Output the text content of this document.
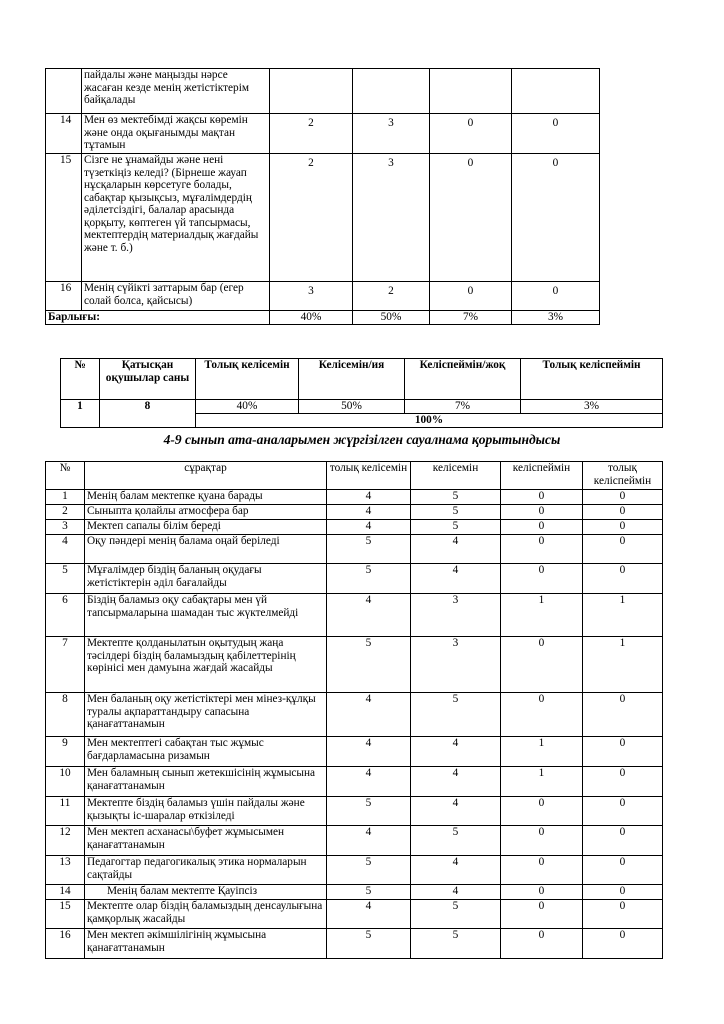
	пайдалы және маңызды нәрсе жасаған кезде менің жетістіктерім байқалады				
14	Мен өз мектебімді жақсы көремін және онда оқығанымды мақтан тұтамын	2	3	0	0
15	Сізге не ұнамайды және нені түзеткіңіз келеді? (Бірнеше жауап нұсқаларын көрсетуге болады, сабақтар қызықсыз, мұғалімдердің әділетсіздігі, балалар арасында қорқыту, көптеген үй тапсырмасы, мектептердің материалдық жағдайы және т. б.)	2	3	0	0
16	Менің сүйікті заттарым бар (егер солай болса, қайсысы)	3	2	0	0
Барлығы:		40%	50%	7%	3%
№	Қатысқан оқушылар саны	Толық келісемін	Келісемін/ия	Келіспеймін/жоқ	Толық келіспеймін
1	8	40%	50%	7%	3%
		100%			
4-9 сынып ата-аналарымен жүргізілген сауалнама қорытындысы
№	сұрақтар	толық келісемін	келісемін	келіспеймін	толық келіспеймін
1	Менің балам мектепке қуана барады	4	5	0	0
2	Сыныпта қолайлы атмосфера бар	4	5	0	0
3	Мектеп сапалы білім береді	4	5	0	0
4	Оқу пәндері менің балама оңай беріледі	5	4	0	0
5	Мұғалімдер біздің баланың оқудағы жетістіктерін әділ бағалайды	5	4	0	0
6	Біздің баламыз оқу сабақтары мен үй тапсырмаларына шамадан тыс жүктелмейді	4	3	1	1
7	Мектепте қолданылатын оқытудың жаңа тәсілдері біздің баламыздың қабілеттерінің көрінісі мен дамуына жағдай жасайды	5	3	0	1
8	Мен баланың оқу жетістіктері мен мінез-құлқы туралы ақпараттандыру сапасына қанағаттанамын	4	5	0	0
9	Мен мектептегі сабақтан тыс жұмыс бағдарламасына ризамын	4	4	1	0
10	Мен баламның сынып жетекшісінің жұмысына қанағаттанамын	4	4	1	0
11	Мектепте біздің баламыз үшін пайдалы және қызықты іс-шаралар өткізіледі	5	4	0	0
12	Мен мектеп асханасы\буфет жұмысымен қанағаттанамын	4	5	0	0
13	Педагогтар педагогикалық этика нормаларын сақтайды	5	4	0	0
14	Менің балам мектепте Қауіпсіз	5	4	0	0
15	Мектепте олар біздің баламыздың денсаулығына қамқорлық жасайды	4	5	0	0
16	Мен мектеп әкімшілігінің жұмысына қанағаттанамын	5	5	0	0
